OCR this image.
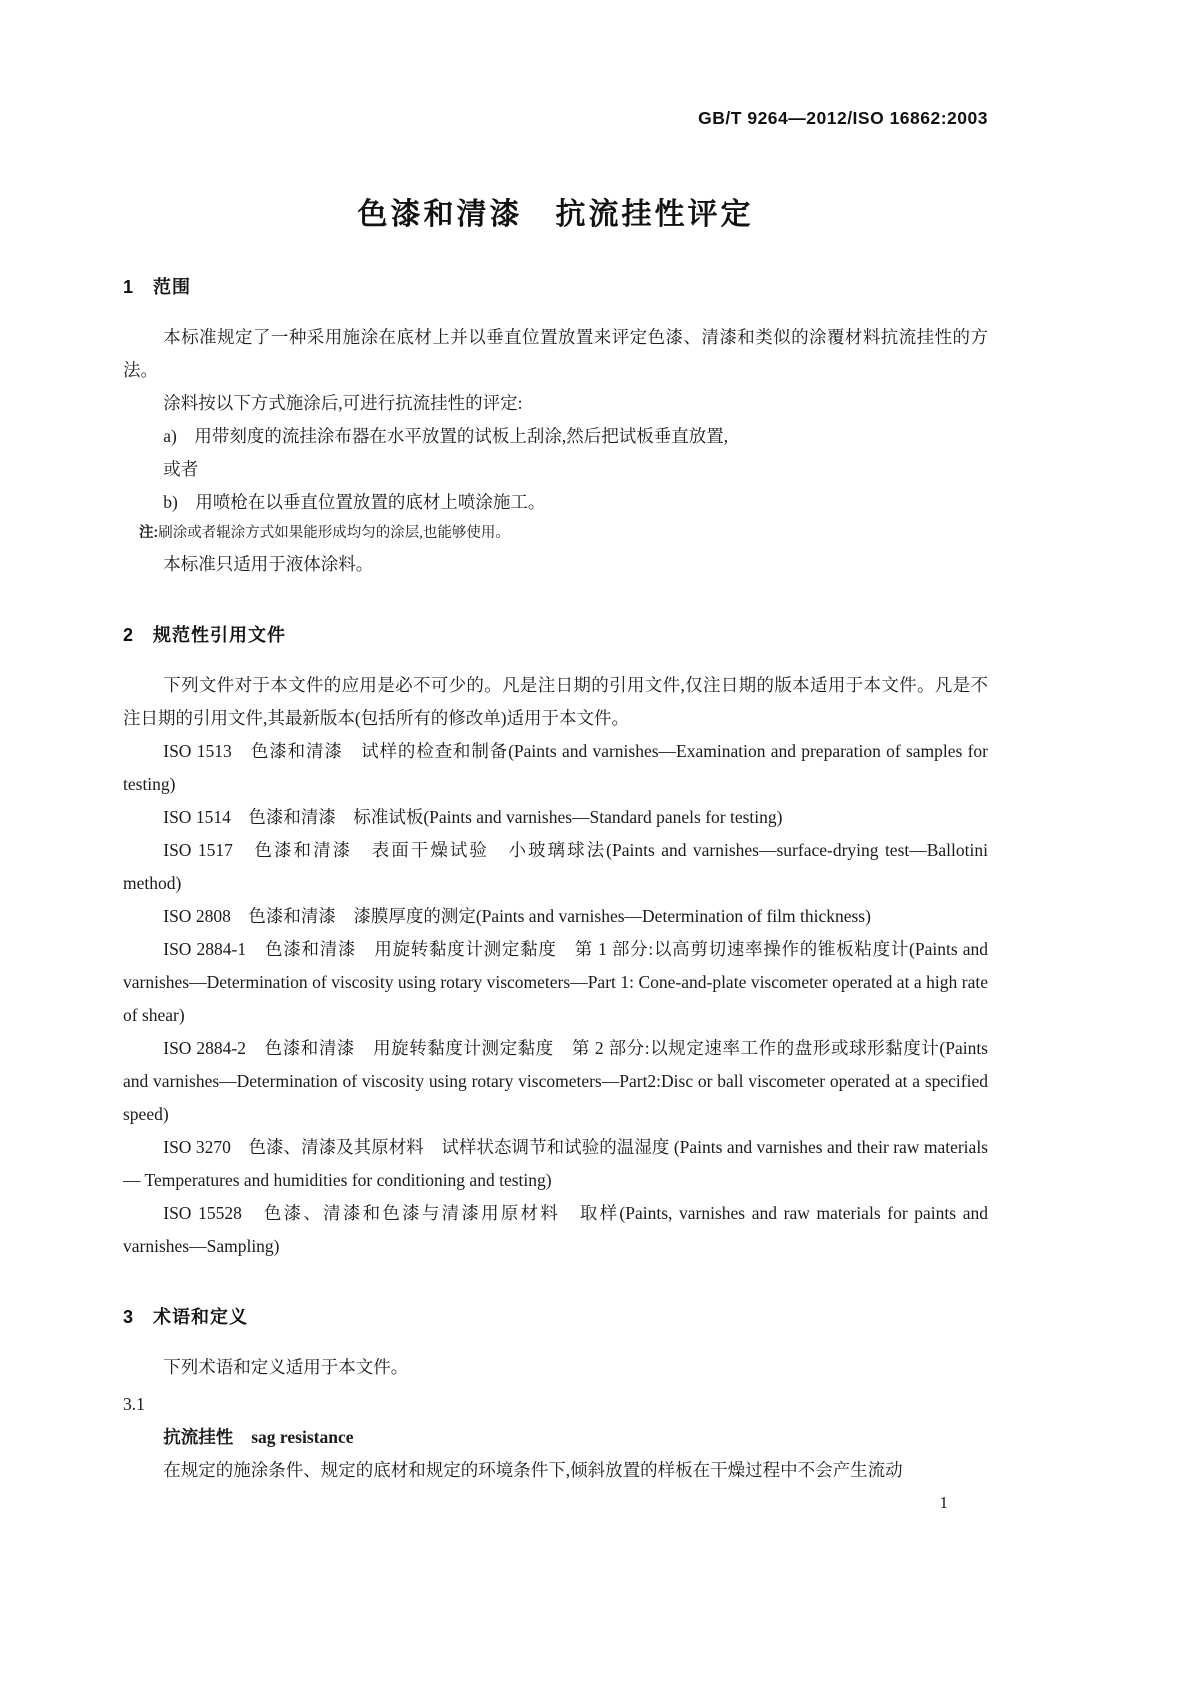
GB/T 9264—2012/ISO 16862:2003
色漆和清漆　抗流挂性评定
1　范围

本标准规定了一种采用施涂在底材上并以垂直位置放置来评定色漆、清漆和类似的涂覆材料抗流挂性的方法。

涂料按以下方式施涂后,可进行抗流挂性的评定:

a)　用带刻度的流挂涂布器在水平放置的试板上刮涂,然后把试板垂直放置,

或者

b)　用喷枪在以垂直位置放置的底材上喷涂施工。

注:刷涂或者辊涂方式如果能形成均匀的涂层,也能够使用。

本标准只适用于液体涂料。

2　规范性引用文件

下列文件对于本文件的应用是必不可少的。凡是注日期的引用文件,仅注日期的版本适用于本文件。凡是不注日期的引用文件,其最新版本(包括所有的修改单)适用于本文件。

ISO 1513　色漆和清漆　试样的检查和制备(Paints and varnishes—Examination and preparation of samples for testing)

ISO 1514　色漆和清漆　标准试板(Paints and varnishes—Standard panels for testing)

ISO 1517　色漆和清漆　表面干燥试验　小玻璃球法(Paints and varnishes—surface-drying test—Ballotini method)

ISO 2808　色漆和清漆　漆膜厚度的测定(Paints and varnishes—Determination of film thickness)

ISO 2884-1　色漆和清漆　用旋转黏度计测定黏度　第 1 部分:以高剪切速率操作的锥板粘度计(Paints and varnishes—Determination of viscosity using rotary viscometers—Part 1: Cone-and-plate viscometer operated at a high rate of shear)

ISO 2884-2　色漆和清漆　用旋转黏度计测定黏度　第 2 部分:以规定速率工作的盘形或球形黏度计(Paints and varnishes—Determination of viscosity using rotary viscometers—Part2:Disc or ball viscometer operated at a specified speed)

ISO 3270　色漆、清漆及其原材料　试样状态调节和试验的温湿度 (Paints and varnishes and their raw materials— Temperatures and humidities for conditioning and testing)

ISO 15528　色漆、清漆和色漆与清漆用原材料　取样(Paints, varnishes and raw materials for paints and varnishes—Sampling)

3　术语和定义

下列术语和定义适用于本文件。

3.1

抗流挂性 sag resistance

在规定的施涂条件、规定的底材和规定的环境条件下,倾斜放置的样板在干燥过程中不会产生流动

1
